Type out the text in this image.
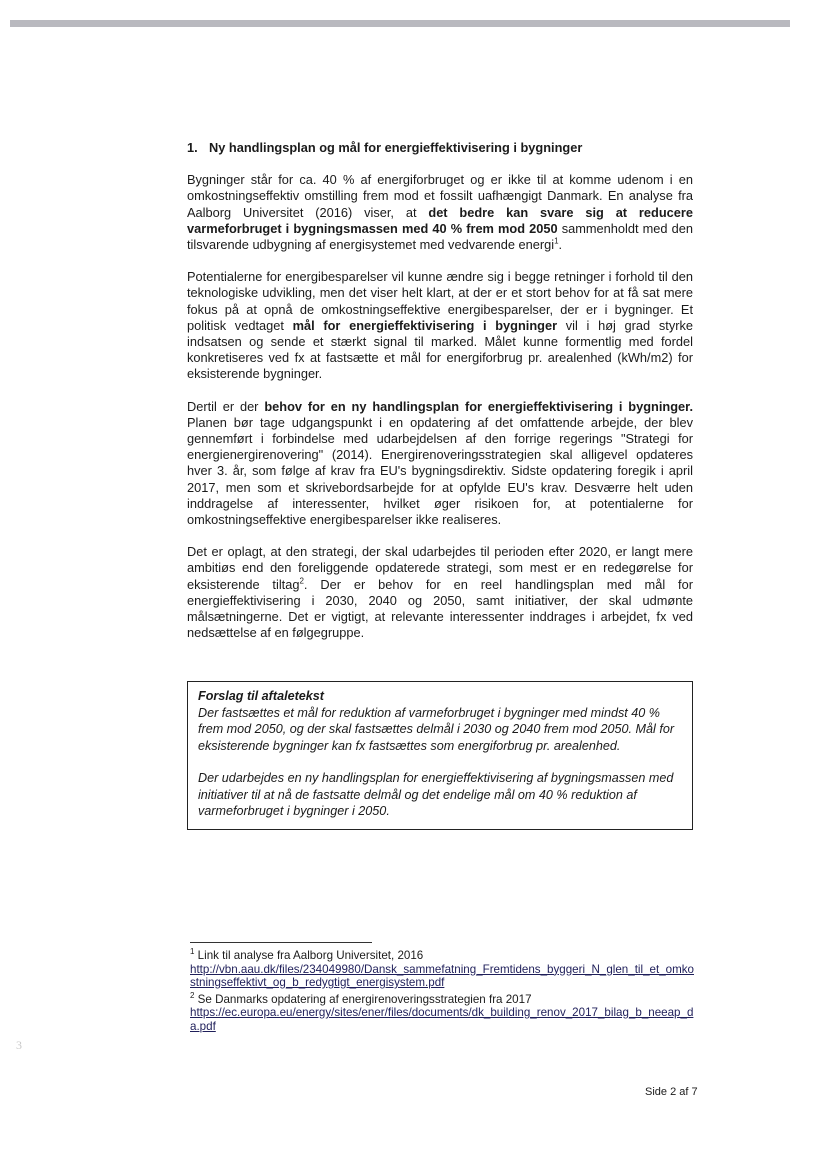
1. Ny handlingsplan og mål for energieffektivisering i bygninger

Bygninger står for ca. 40 % af energiforbruget og er ikke til at komme udenom i en omkostningseffektiv omstilling frem mod et fossilt uafhængigt Danmark. En analyse fra Aalborg Universitet (2016) viser, at det bedre kan svare sig at reducere varmeforbruget i bygningsmassen med 40 % frem mod 2050 sammenholdt med den tilsvarende udbygning af energisystemet med vedvarende energi$^1$.

Potentialerne for energibesparelser vil kunne ændre sig i begge retninger i forhold til den teknologiske udvikling, men det viser helt klart, at der er et stort behov for at få sat mere fokus på at opnå de omkostningseffektive energibesparelser, der er i bygninger. Et politisk vedtaget mål for energieffektivisering i bygninger vil i høj grad styrke indsatsen og sende et stærkt signal til marked. Målet kunne formentlig med fordel konkretiseres ved fx at fastsætte et mål for energiforbrug pr. arealenhed (kWh/m2) for eksisterende bygninger.

Dertil er der behov for en ny handlingsplan for energieffektivisering i bygninger. Planen bør tage udgangspunkt i en opdatering af det omfattende arbejde, der blev gennemført i forbindelse med udarbejdelsen af den forrige regerings "Strategi for energienergirenovering" (2014). Energirenoveringsstrategien skal alligevel opdateres hver 3. år, som følge af krav fra EU's bygningsdirektiv. Sidste opdatering foregik i april 2017, men som et skrivebordsarbejde for at opfylde EU's krav. Desværre helt uden inddragelse af interessenter, hvilket øger risikoen for, at potentialerne for omkostningseffektive energibesparelser ikke realiseres.

Det er oplagt, at den strategi, der skal udarbejdes til perioden efter 2020, er langt mere ambitiøs end den foreliggende opdaterede strategi, som mest er en redegørelse for eksisterende tiltag$^2$. Der er behov for en reel handlingsplan med mål for energieffektivisering i 2030, 2040 og 2050, samt initiativer, der skal udmønte målsætningerne. Det er vigtigt, at relevante interessenter inddrages i arbejdet, fx ved nedsættelse af en følgegruppe.

Forslag til aftaletekst

Der fastsættes et mål for reduktion af varmeforbruget i bygninger med mindst 40 % frem mod 2050, og der skal fastsættes delmål i 2030 og 2040 frem mod 2050. Mål for eksisterende bygninger kan fx fastsættes som energiforbrug pr. arealenhed.

Der udarbejdes en ny handlingsplan for energieffektivisering af bygningsmassen med initiativer til at nå de fastsatte delmål og det endelige mål om 40 % reduktion af varmeforbruget i bygninger i 2050.

$^1$ Link til analyse fra Aalborg Universitet, 2016
http://vbn.aau.dk/files/234049980/Dansk_sammefatning_Fremtidens_byggeri_N_glen_til_et_omkostningseffektivt_og_b_redygtigt_energisystem.pdf
$^2$ Se Danmarks opdatering af energirenoveringsstrategien fra 2017
https://ec.europa.eu/energy/sites/ener/files/documents/dk_building_renov_2017_bilag_b_neeap_da.pdf
3
Side 2 af 7
